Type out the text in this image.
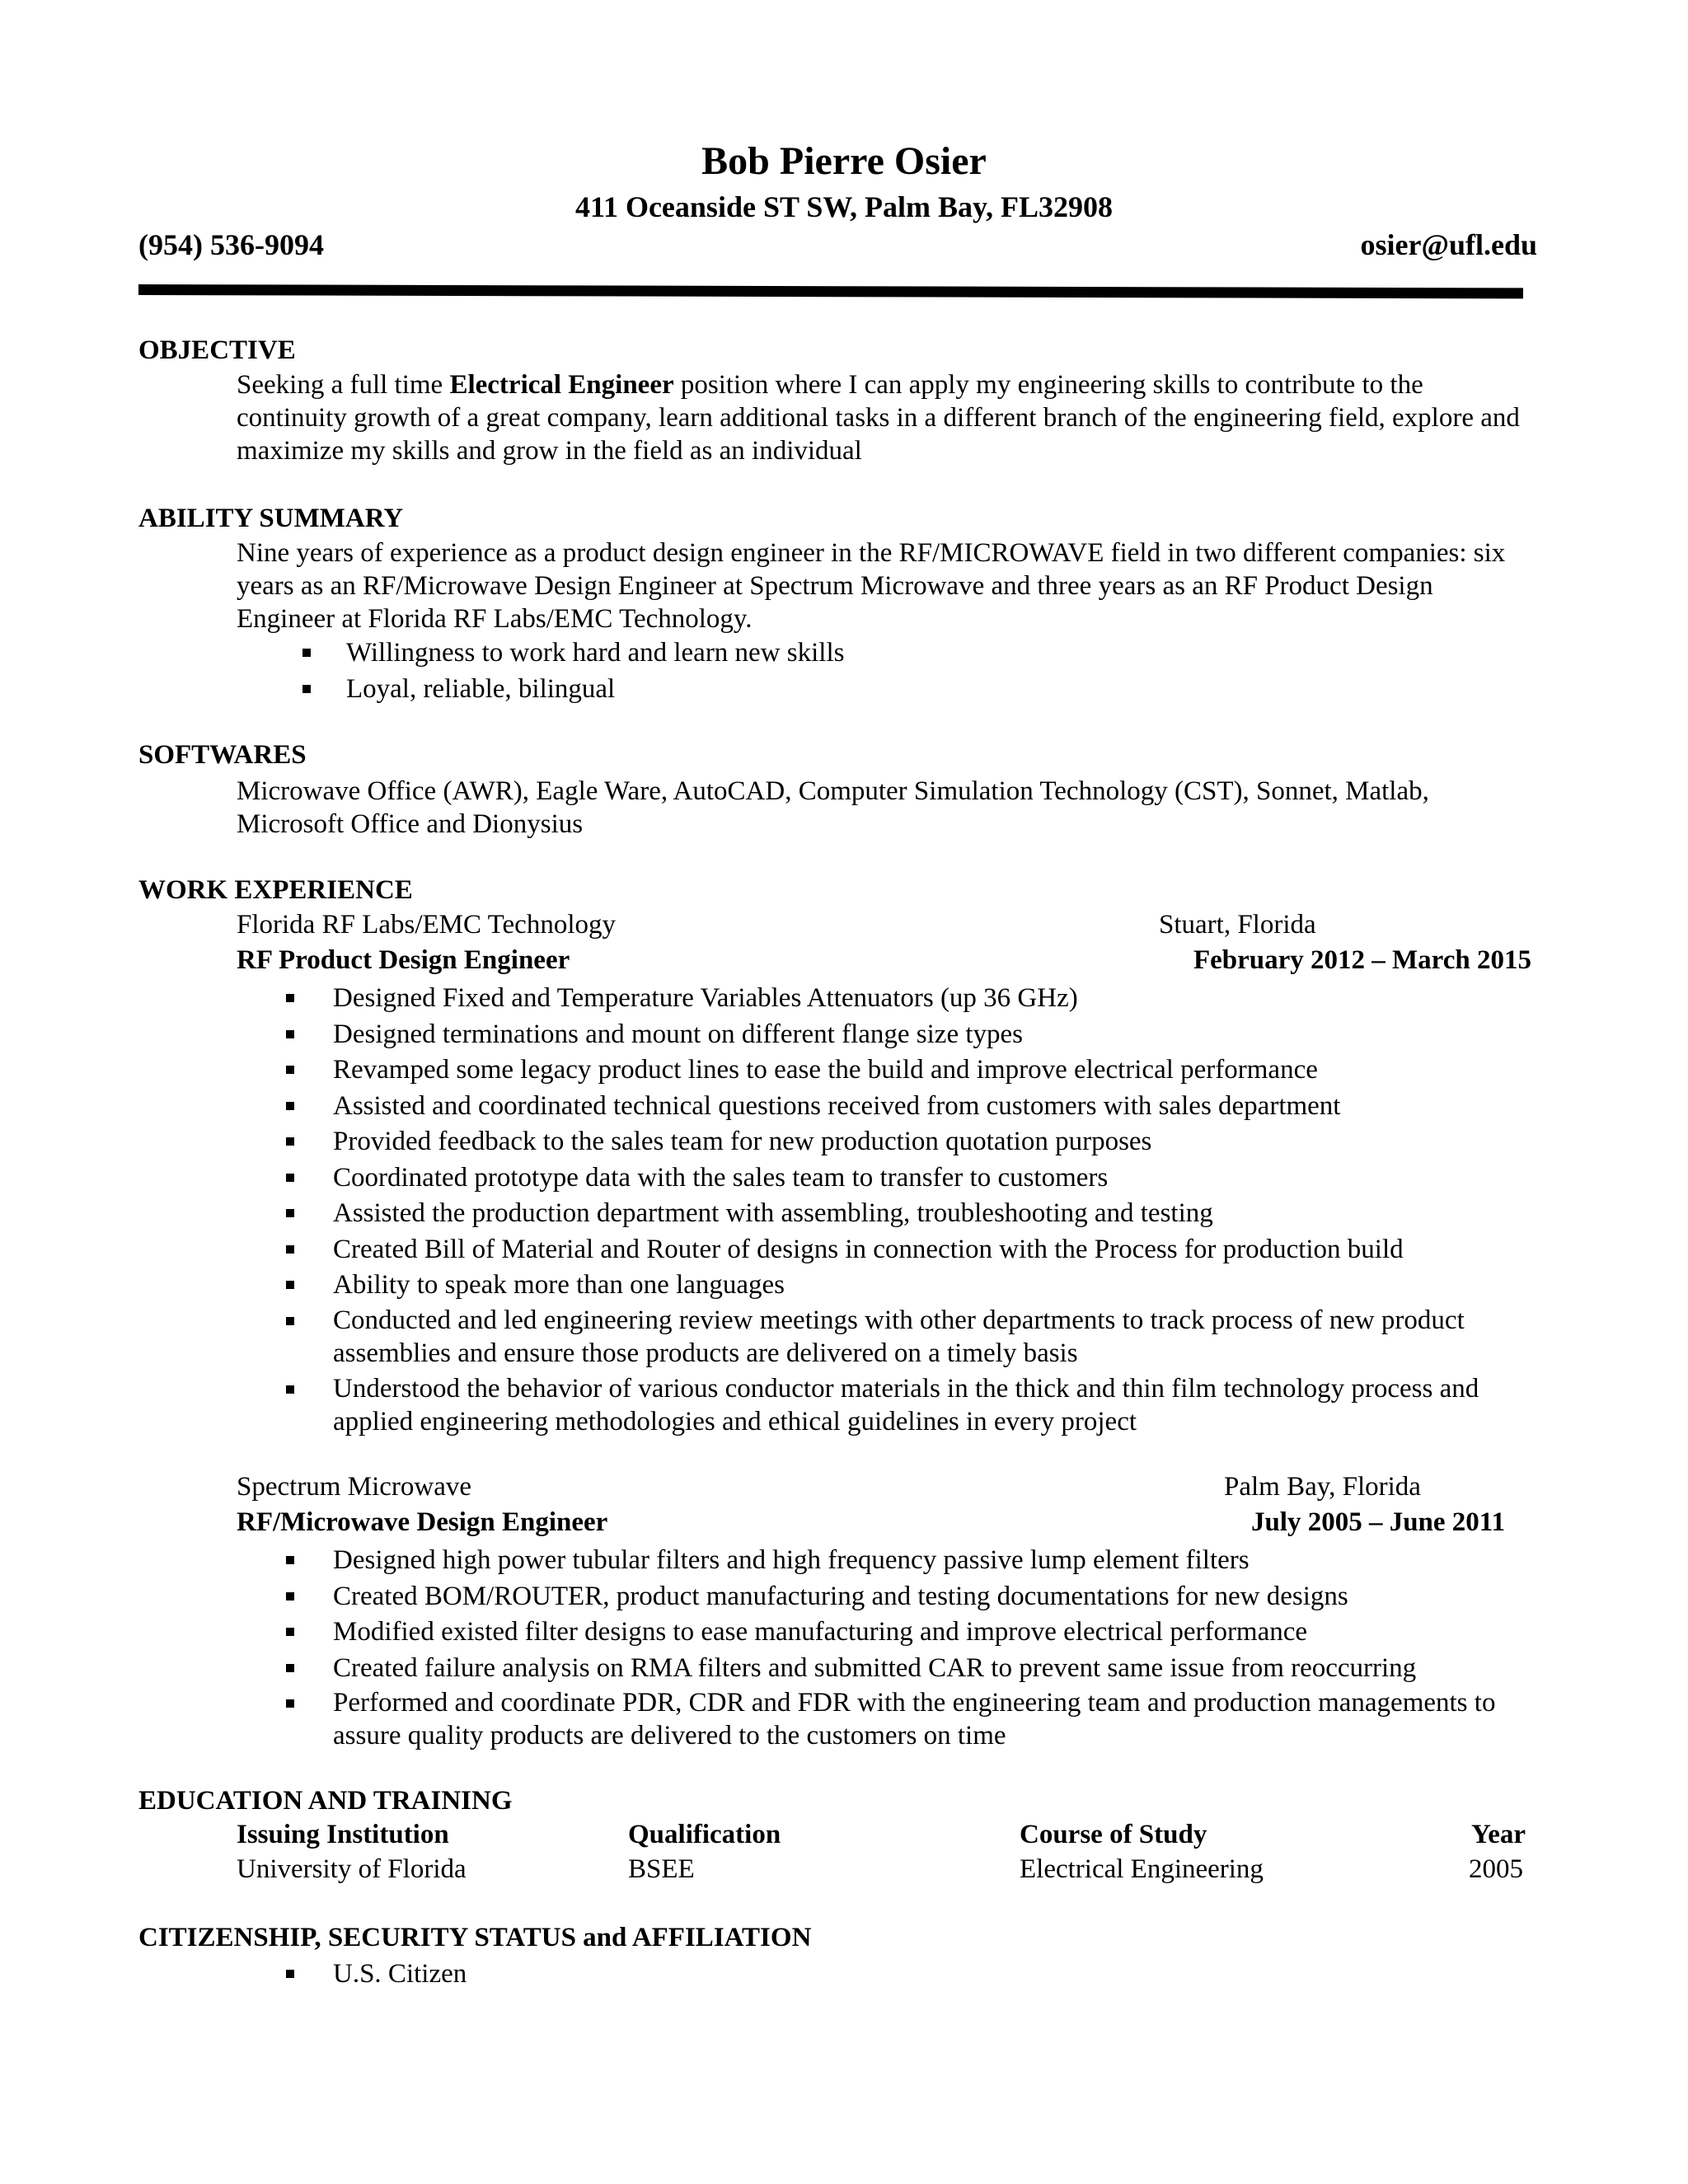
Bob Pierre Osier
411 Oceanside ST SW, Palm Bay, FL32908
(954) 536-9094	osier@ufl.edu
OBJECTIVE
Seeking a full time Electrical Engineer position where I can apply my engineering skills to contribute to the continuity growth of a great company, learn additional tasks in a different branch of the engineering field, explore and maximize my skills and grow in the field as an individual
ABILITY SUMMARY
Nine years of experience as a product design engineer in the RF/MICROWAVE field in two different companies: six years as an RF/Microwave Design Engineer at Spectrum Microwave and three years as an RF Product Design Engineer at Florida RF Labs/EMC Technology.
Willingness to work hard and learn new skills
Loyal, reliable, bilingual
SOFTWARES
Microwave Office (AWR), Eagle Ware, AutoCAD, Computer Simulation Technology (CST), Sonnet, Matlab, Microsoft Office and Dionysius
WORK EXPERIENCE
Florida RF Labs/EMC Technology	Stuart, Florida
RF Product Design Engineer	February 2012 – March 2015
Designed Fixed and Temperature Variables Attenuators (up 36 GHz)
Designed terminations and mount on different flange size types
Revamped some legacy product lines to ease the build and improve electrical performance
Assisted and coordinated technical questions received from customers with sales department
Provided feedback to the sales team for new production quotation purposes
Coordinated prototype data with the sales team to transfer to customers
Assisted the production department with assembling, troubleshooting and testing
Created Bill of Material and Router of designs in connection with the Process for production build
Ability to speak more than one languages
Conducted and led engineering review meetings with other departments to track process of new product assemblies and ensure those products are delivered on a timely basis
Understood the behavior of various conductor materials in the thick and thin film technology process and applied engineering methodologies and ethical guidelines in every project
Spectrum Microwave	Palm Bay, Florida
RF/Microwave Design Engineer	July 2005 – June 2011
Designed high power tubular filters and high frequency passive lump element filters
Created BOM/ROUTER, product manufacturing and testing documentations for new designs
Modified existed filter designs to ease manufacturing and improve electrical performance
Created failure analysis on RMA filters and submitted CAR to prevent same issue from reoccurring
Performed and coordinate PDR, CDR and FDR with the engineering team and production managements to assure quality products are delivered to the customers on time
EDUCATION AND TRAINING
Issuing Institution	Qualification	Course of Study	Year
University of Florida	BSEE	Electrical Engineering	2005
CITIZENSHIP, SECURITY STATUS and AFFILIATION
U.S. Citizen
